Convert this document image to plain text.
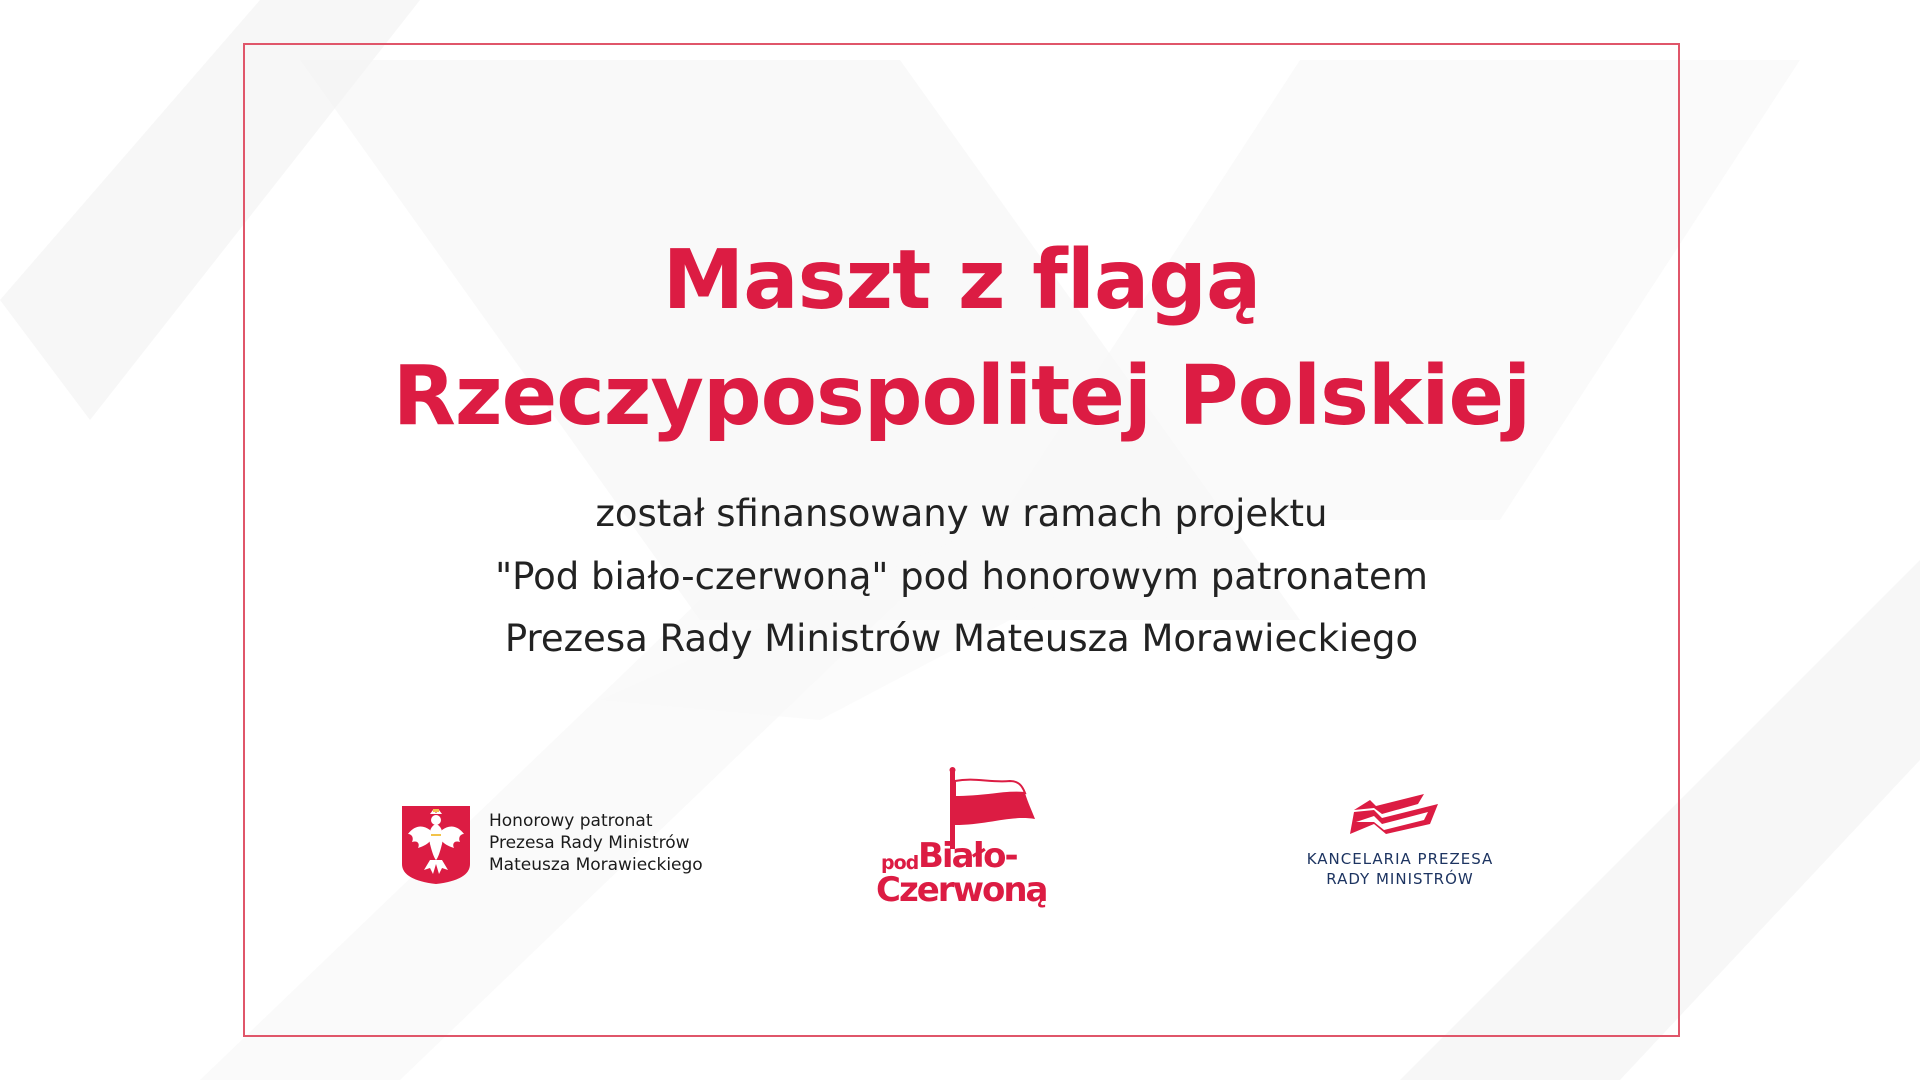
Maszt z flagą
Rzeczypospolitej Polskiej

został sfinansowany w ramach projektu

"Pod biało-czerwoną" pod honorowym patronatem

Prezesa Rady Ministrów Mateusza Morawieckiego

Honorowy patronat
Prezesa Rady Ministrów
Mateusza Morawieckiego	pod Biało-
Czerwoną
KANCELARIA PREZESA
RADY MINISTRÓW
